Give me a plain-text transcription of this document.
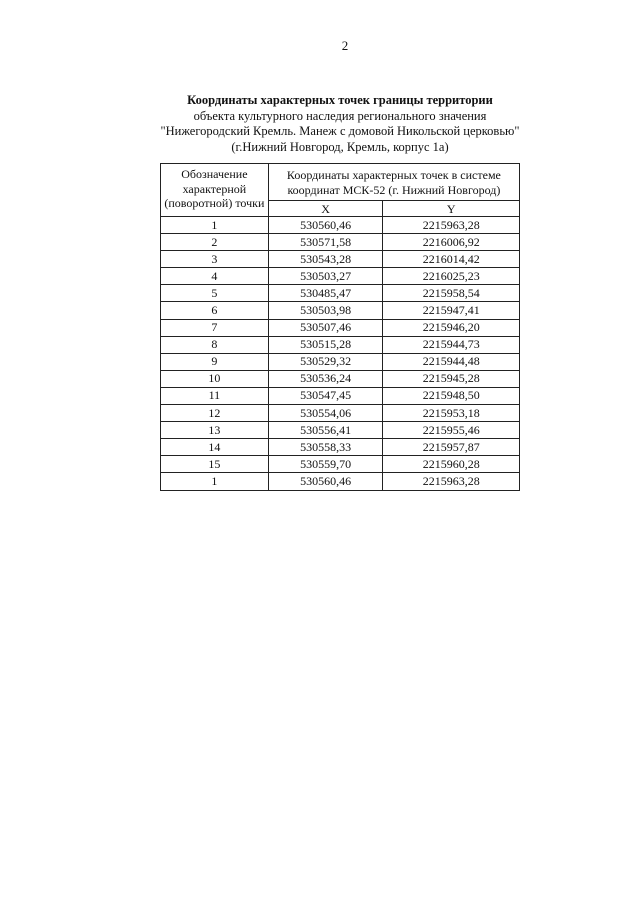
2
Координаты характерных точек границы территории
объекта культурного наследия регионального значения
"Нижегородский Кремль. Манеж с домовой Никольской церковью"
(г.Нижний Новгород, Кремль, корпус 1а)
Обозначение характерной (поворотной) точки	Координаты характерных точек в системе координат МСК-52 (г. Нижний Новгород)	
	X	Y
1	530560,46	2215963,28
2	530571,58	2216006,92
3	530543,28	2216014,42
4	530503,27	2216025,23
5	530485,47	2215958,54
6	530503,98	2215947,41
7	530507,46	2215946,20
8	530515,28	2215944,73
9	530529,32	2215944,48
10	530536,24	2215945,28
11	530547,45	2215948,50
12	530554,06	2215953,18
13	530556,41	2215955,46
14	530558,33	2215957,87
15	530559,70	2215960,28
1	530560,46	2215963,28
